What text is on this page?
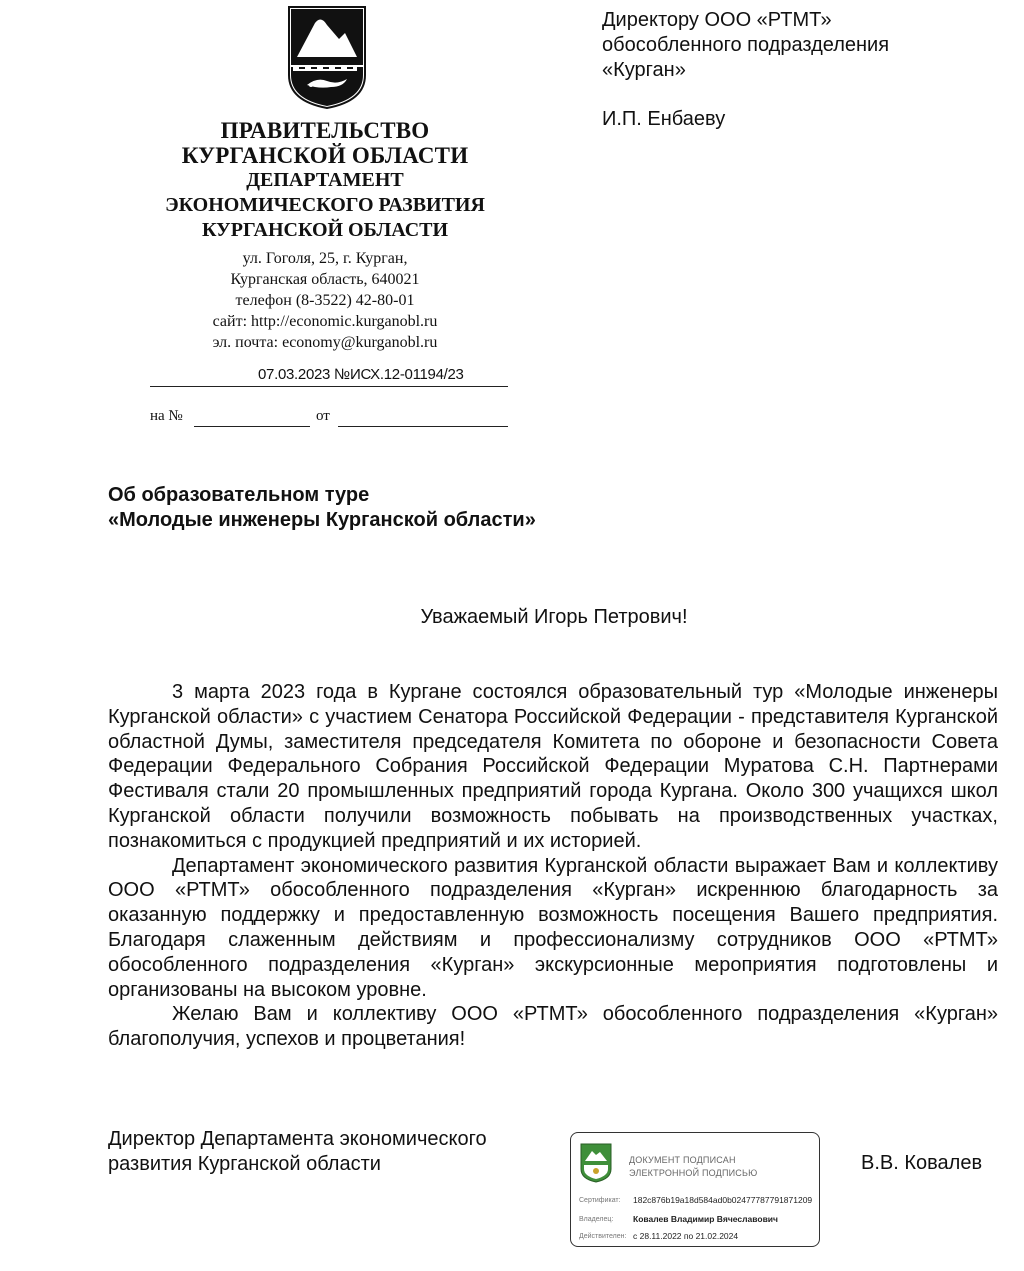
ПРАВИТЕЛЬСТВО
КУРГАНСКОЙ ОБЛАСТИ
ДЕПАРТАМЕНТ
ЭКОНОМИЧЕСКОГО РАЗВИТИЯ
КУРГАНСКОЙ ОБЛАСТИ
ул. Гоголя, 25, г. Курган,
Курганская область, 640021
телефон (8-3522) 42-80-01
сайт: http://economic.kurganobl.ru
эл. почта: economy@kurganobl.ru
07.03.2023 № ИСХ.12-01194/23
на №	от
Директору ООО «РТМТ»
обособленного подразделения
«Курган»
И.П. Енбаеву
Об образовательном туре
«Молодые инженеры Курганской области»
Уважаемый Игорь Петрович!

3 марта 2023 года в Кургане состоялся образовательный тур «Молодые инженеры Курганской области» с участием Сенатора Российской Федерации - представителя Курганской областной Думы, заместителя председателя Комитета по обороне и безопасности Совета Федерации Федерального Собрания Российской Федерации Муратова С.Н. Партнерами Фестиваля стали 20 промышленных предприятий города Кургана. Около 300 учащихся школ Курганской области получили возможность побывать на производственных участках, познакомиться с продукцией предприятий и их историей.

Департамент экономического развития Курганской области выражает Вам и коллективу ООО «РТМТ» обособленного подразделения «Курган» искреннюю благодарность за оказанную поддержку и предоставленную возможность посещения Вашего предприятия. Благодаря слаженным действиям и профессионализму сотрудников ООО «РТМТ» обособленного подразделения «Курган» экскурсионные мероприятия подготовлены и организованы на высоком уровне.

Желаю Вам и коллективу ООО «РТМТ» обособленного подразделения «Курган» благополучия, успехов и процветания!

Директор Департамента экономического
развития Курганской области	В.В. Ковалев
ДОКУМЕНТ ПОДПИСАН
ЭЛЕКТРОННОЙ ПОДПИСЬЮ
Сертификат: 182c876b19a18d584ad0b02477787791871209
Владелец: Ковалев Владимир Вячеславович
Действителен: с 28.11.2022 по 21.02.2024
